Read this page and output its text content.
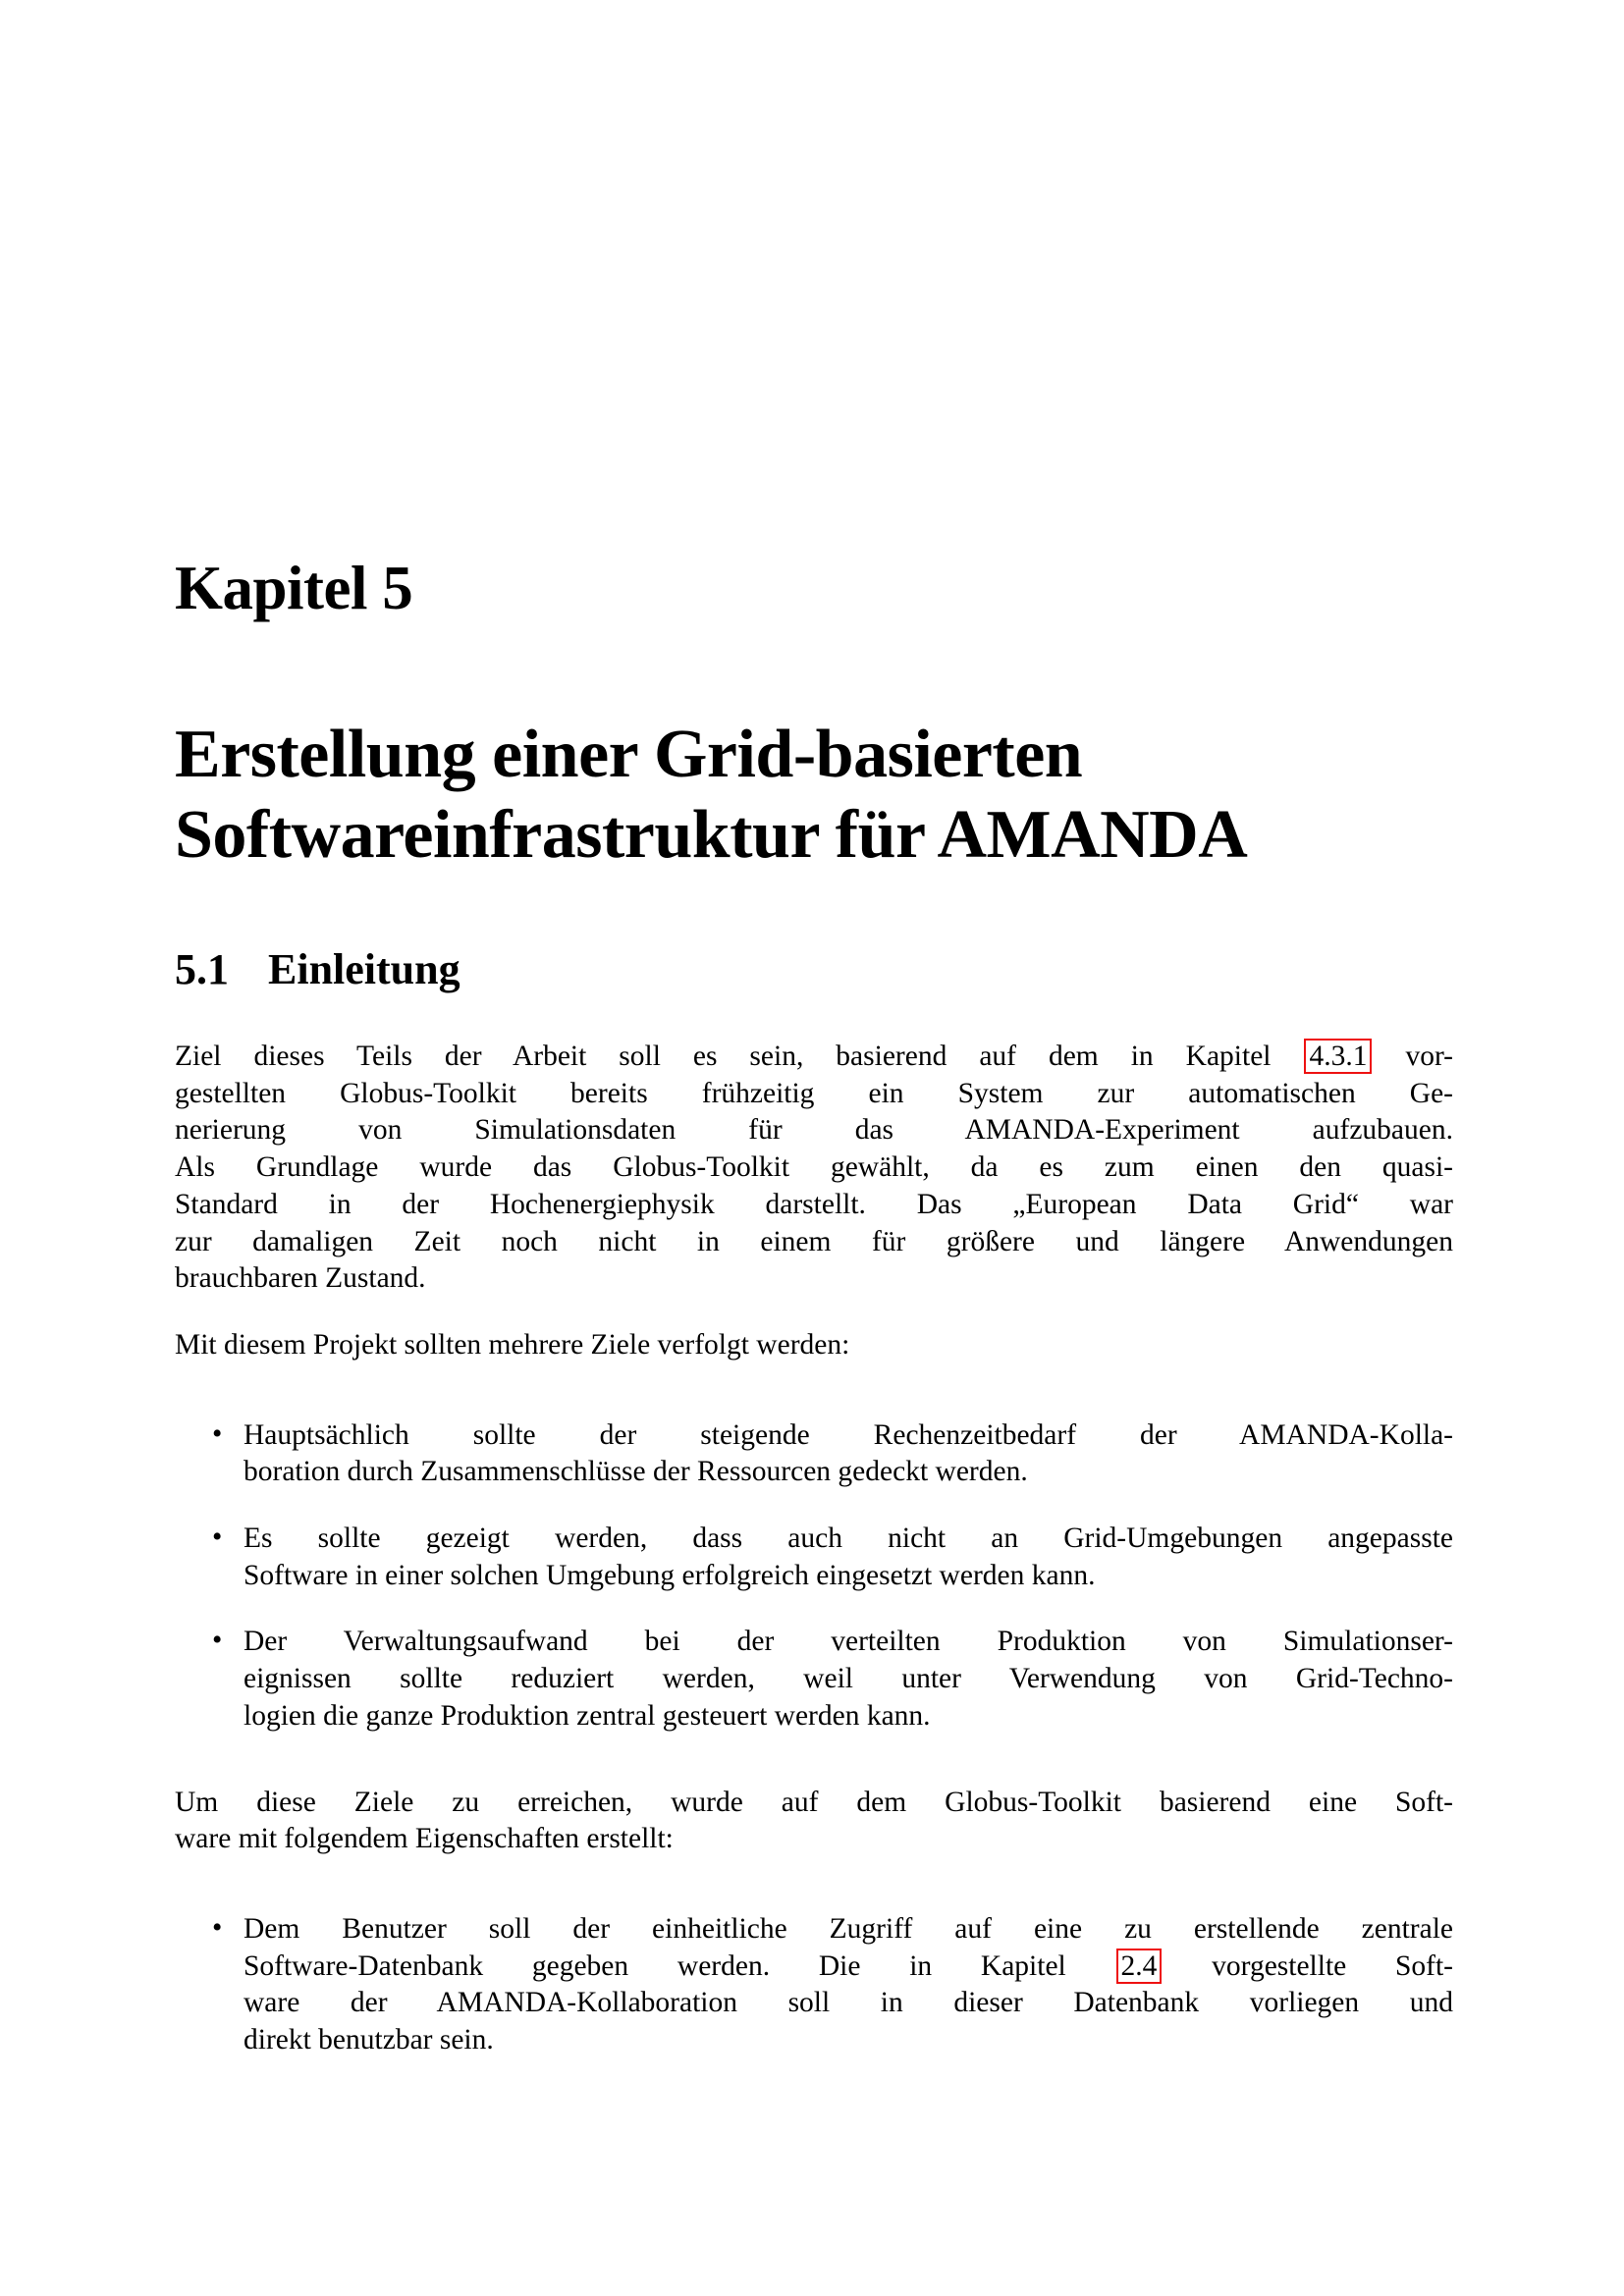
Kapitel 5
Erstellung einer Grid-basierten Softwareinfrastruktur für AMANDA
5.1 Einleitung
Ziel dieses Teils der Arbeit soll es sein, basierend auf dem in Kapitel 4.3.1 vor-
gestellten Globus-Toolkit bereits frühzeitig ein System zur automatischen Ge-
nerierung von Simulationsdaten für das AMANDA-Experiment aufzubauen.
Als Grundlage wurde das Globus-Toolkit gewählt, da es zum einen den quasi-
Standard in der Hochenergiephysik darstellt. Das „European Data Grid“ war
zur damaligen Zeit noch nicht in einem für größere und längere Anwendungen
brauchbaren Zustand.
Mit diesem Projekt sollten mehrere Ziele verfolgt werden:
• Hauptsächlich sollte der steigende Rechenzeitbedarf der AMANDA-Kolla-
boration durch Zusammenschlüsse der Ressourcen gedeckt werden.
• Es sollte gezeigt werden, dass auch nicht an Grid-Umgebungen angepasste
Software in einer solchen Umgebung erfolgreich eingesetzt werden kann.
• Der Verwaltungsaufwand bei der verteilten Produktion von Simulationser-
eignissen sollte reduziert werden, weil unter Verwendung von Grid-Techno-
logien die ganze Produktion zentral gesteuert werden kann.
Um diese Ziele zu erreichen, wurde auf dem Globus-Toolkit basierend eine Soft-
ware mit folgendem Eigenschaften erstellt:
• Dem Benutzer soll der einheitliche Zugriff auf eine zu erstellende zentrale
Software-Datenbank gegeben werden. Die in Kapitel 2.4 vorgestellte Soft-
ware der AMANDA-Kollaboration soll in dieser Datenbank vorliegen und
direkt benutzbar sein.
